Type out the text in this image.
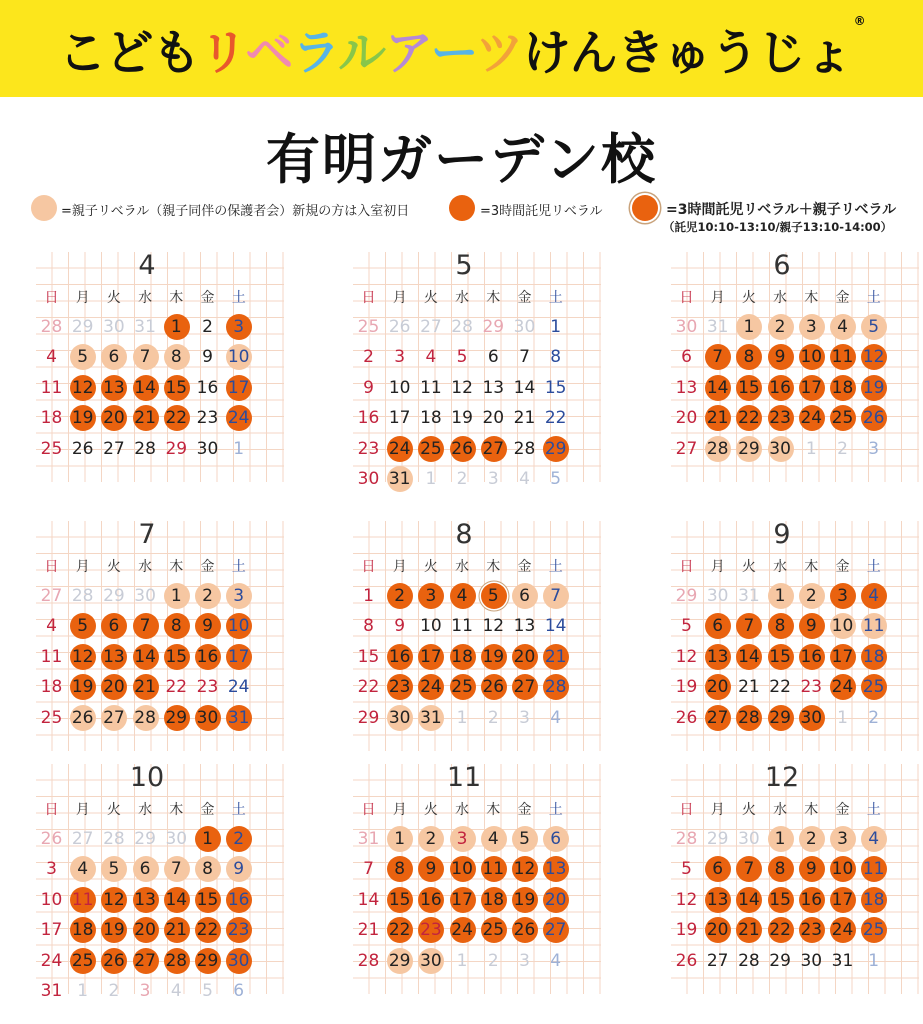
こどもリベラルアーツけんきゅうじょ®
有明ガーデン校
=親子リベラル（親子同伴の保護者会）新規の方は入室初日	=3時間託児リベラル	=3時間託児リベラル＋親子リベラル
（託児10:10-13:10/親子13:10-14:00）
4
日	月	火	水	木	金	土
28 29 30 31 1	2	3
4	5	6	7	8	9 10
11 12 13 14 15 16 17
18 19 20 21 22 23 24
25 26 27 28 29 30 1
5
日	月	火	水	木	金	土
25 26 27 28 29 30 1
2	3	4	5	6	7	8
9 10 11 12 13 14 15
16 17 18 19 20 21 22
23 24 25 26 27 28 29
30 31 1	2	3	4	5
6
日	月	火	水	木	金	土
30 31 1	2	3	4	5
6	7	8	9 10 11 12
13 14 15 16 17 18 19
20 21 22 23 24 25 26
27 28 29 30 1	2	3
7
日	月	火	水	木	金	土
27 28 29 30 1	2	3
4	5	6	7	8	9 10
11 12 13 14 15 16 17
18 19 20 21 22 23 24
25 26 27 28 29 30 31
8
日	月	火	水	木	金	土
1	2	3	4	5	6	7
8	9 10 11 12 13 14
15 16 17 18 19 20 21
22 23 24 25 26 27 28
29 30 31 1	2	3	4
9
日	月	火	水	木	金	土
29 30 31 1	2	3	4
5	6	7	8	9 10 11
12 13 14 15 16 17 18
19 20 21 22 23 24 25
26 27 28 29 30 1	2
10
日	月	火	水	木	金	土
26 27 28 29 30 1	2
3	4	5	6	7	8	9
10 11 12 13 14 15 16
17 18 19 20 21 22 23
24 25 26 27 28 29 30
31 1	2	3	4	5	6
11
日	月	火	水	木	金	土
31 1	2	3	4	5	6
7	8	9 10 11 12 13
14 15 16 17 18 19 20
21 22 23 24 25 26 27
28 29 30 1	2	3	4
12
日	月	火	水	木	金	土
28 29 30 1	2	3	4
5	6	7	8	9 10 11
12 13 14 15 16 17 18
19 20 21 22 23 24 25
26 27 28 29 30 31 1
